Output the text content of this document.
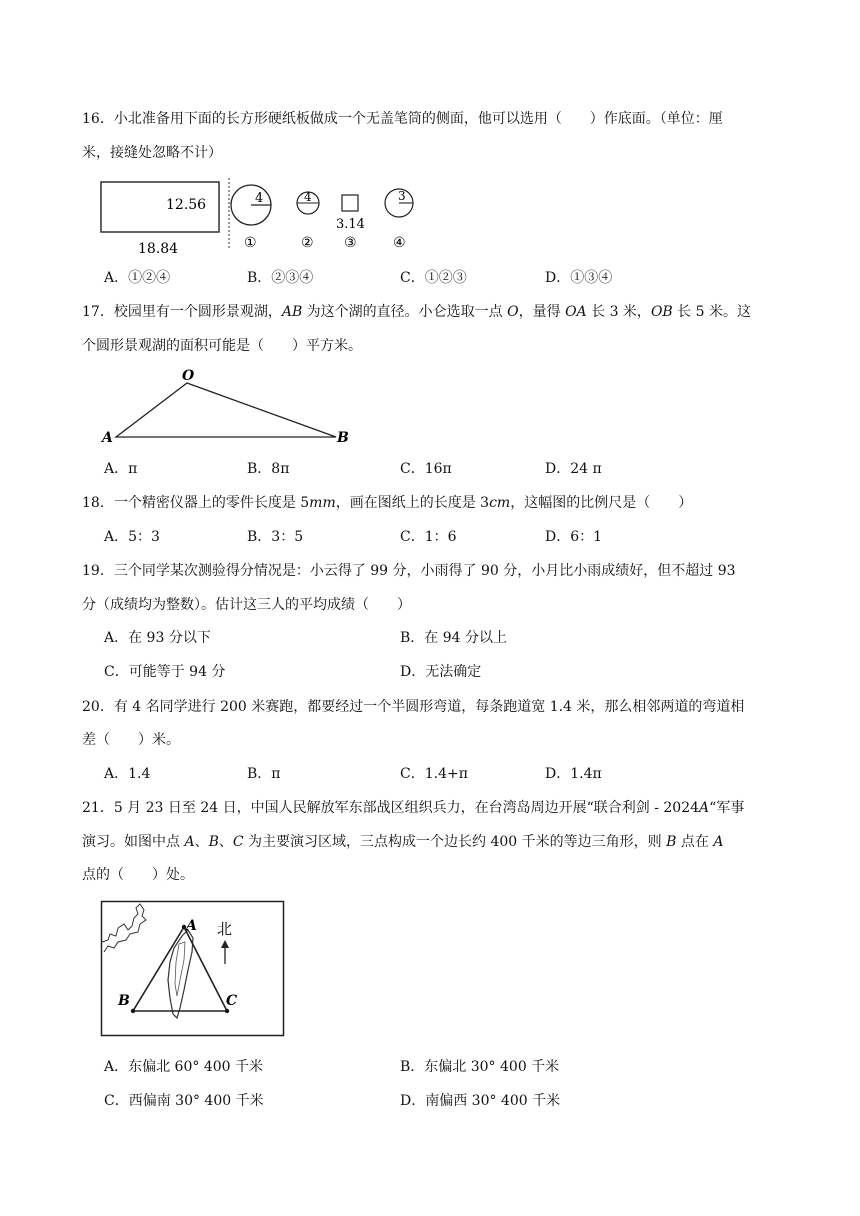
16．小北准备用下面的长方形硬纸板做成一个无盖笔筒的侧面，他可以选用（　　）作底面。（单位：厘
米，接缝处忽略不计）
12.56
18.84
4
①
4
②
3.14
③
3
④
A．①②④	B．②③④	C．①②③	D．①③④
17．校园里有一个圆形景观湖，AB 为这个湖的直径。小仑选取一点 O，量得 OA 长 3 米，OB 长 5 米。这
个圆形景观湖的面积可能是（　　）平方米。
O
A	B
A．π	B．8π	C．16π	D．24 π
18．一个精密仪器上的零件长度是 5mm，画在图纸上的长度是 3cm，这幅图的比例尺是（　　）
A．5：3	B．3：5	C．1：6	D．6：1
19．三个同学某次测验得分情况是：小云得了 99 分，小雨得了 90 分，小月比小雨成绩好，但不超过 93
分（成绩均为整数）。估计这三人的平均成绩（　　）
A．在 93 分以下	B．在 94 分以上
C．可能等于 94 分	D．无法确定
20．有 4 名同学进行 200 米赛跑，都要经过一个半圆形弯道，每条跑道宽 1.4 米，那么相邻两道的弯道相
差（　　）米。
A．1.4	B．π	C．1.4+π	D．1.4π
21．5 月 23 日至 24 日，中国人民解放军东部战区组织兵力，在台湾岛周边开展“联合利剑 - 2024A“军事
演习。如图中点 A、B、C 为主要演习区域，三点构成一个边长约 400 千米的等边三角形，则 B 点在 A
点的（　　）处。
A
B	C
北
A．东偏北 60° 400 千米	B．东偏北 30° 400 千米
C．西偏南 30° 400 千米	D．南偏西 30° 400 千米
